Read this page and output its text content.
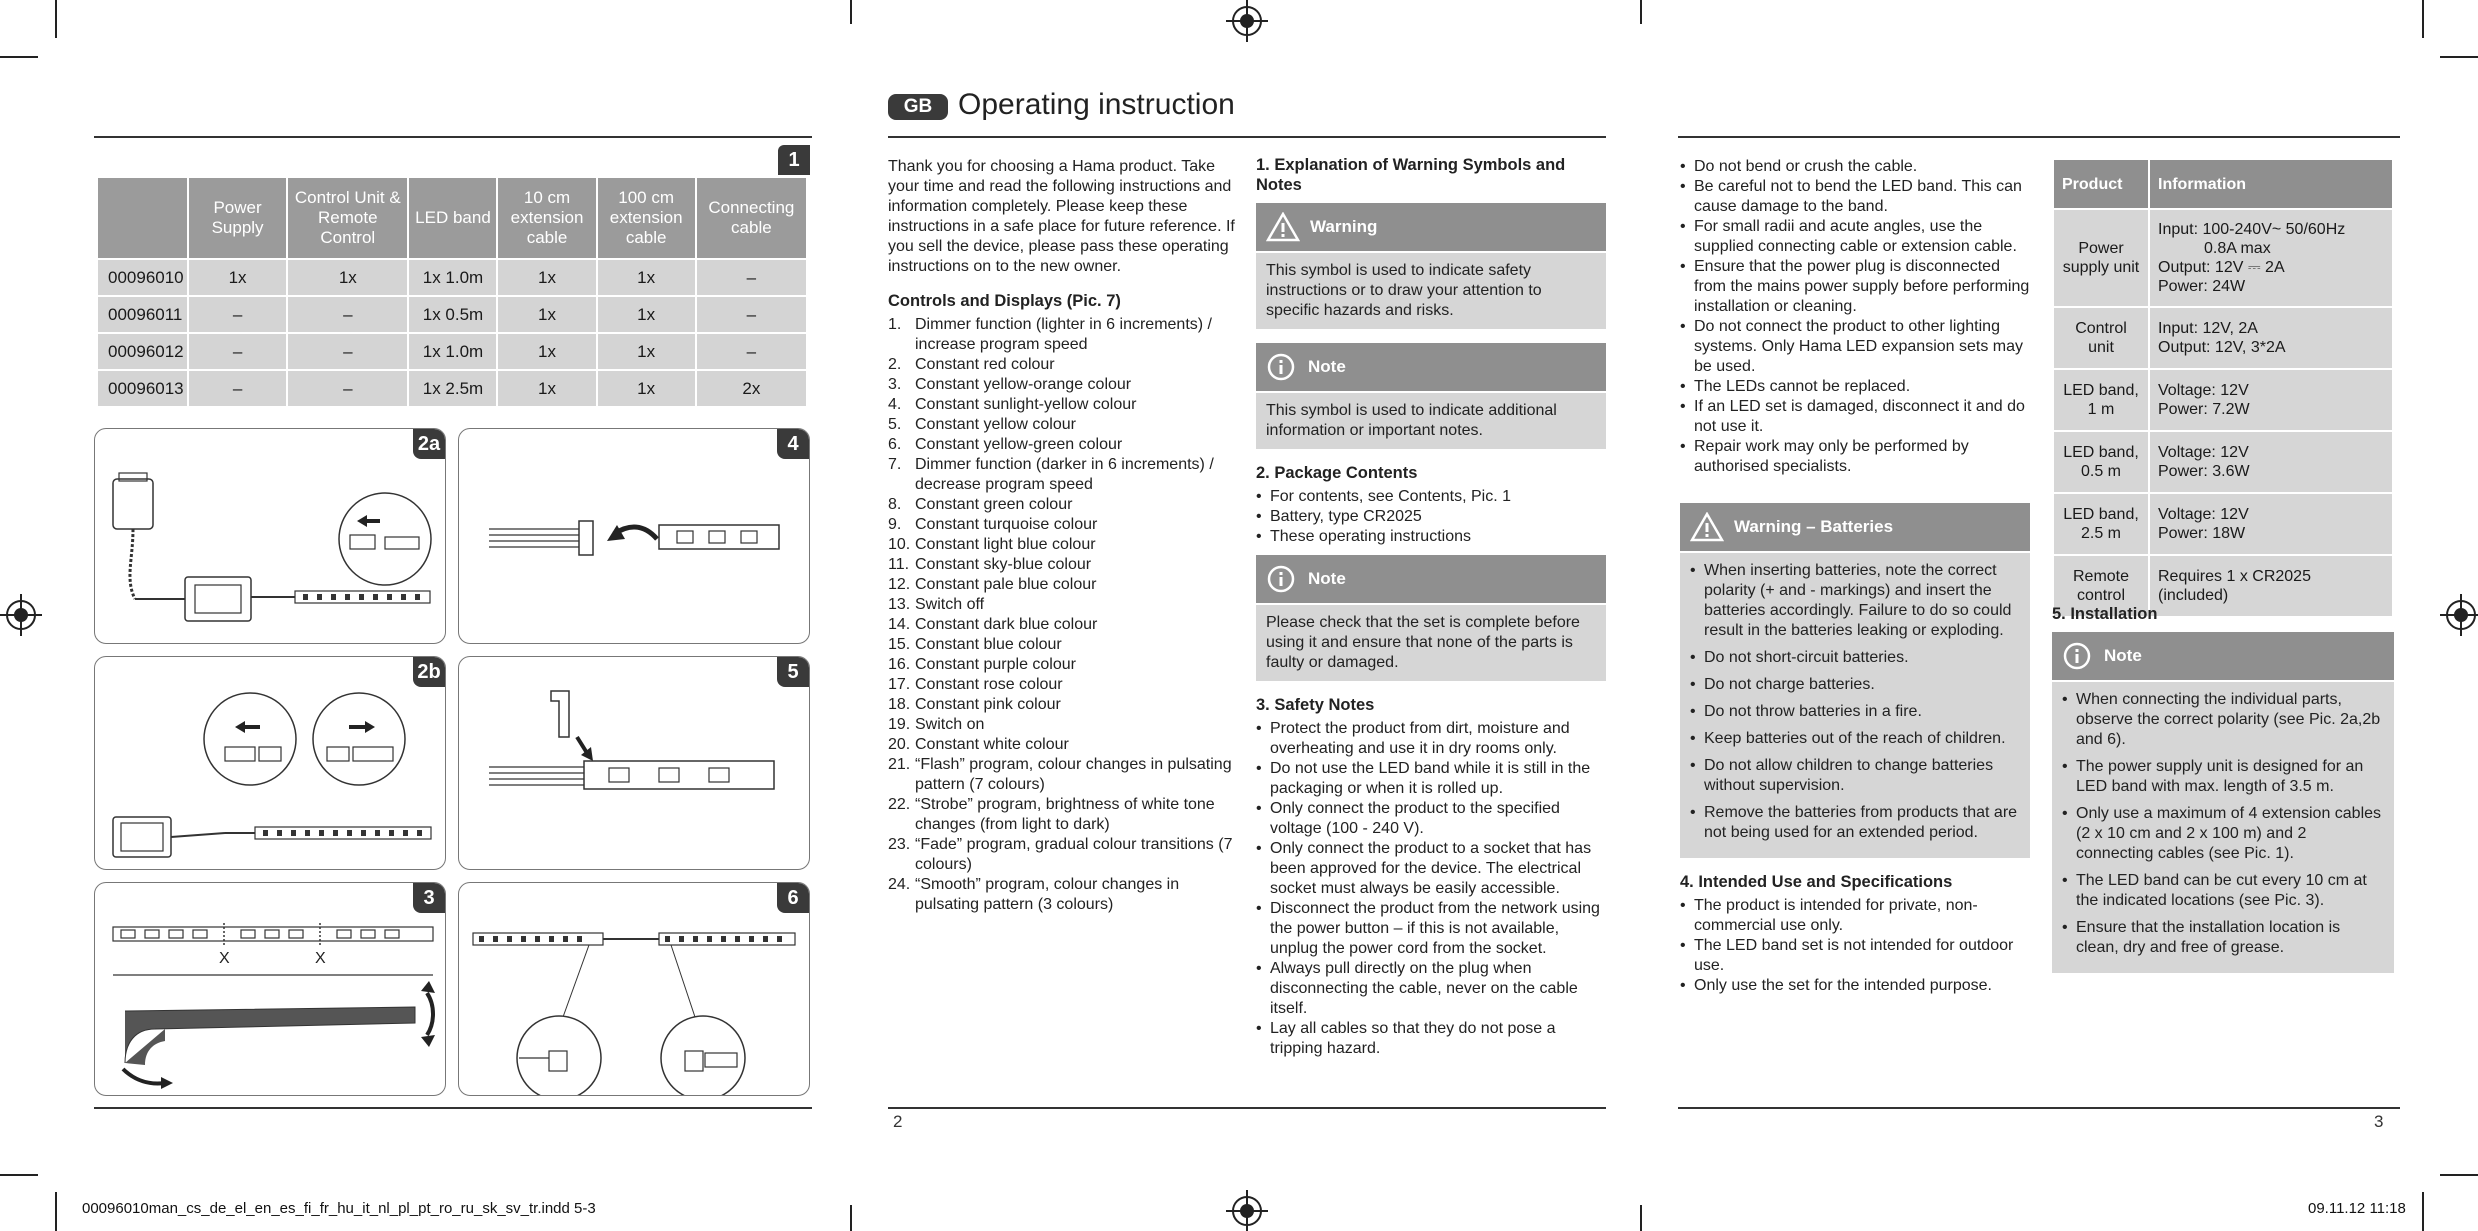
1
	Power Supply	Control Unit & Remote Control	LED band	10 cm extension cable	100 cm extension cable	Connecting cable
00096010	1x	1x	1x 1.0m	1x	1x	–
00096011	–	–	1x 0.5m	1x	1x	–
00096012	–	–	1x 1.0m	1x	1x	–
00096013	–	–	1x 2.5m	1x	1x	2x
2a	4
2b	5
3
X	X
6
2
GB Operating instruction

Thank you for choosing a Hama product. Take your time and read the following instructions and information completely. Please keep these instructions in a safe place for future reference. If you sell the device, please pass these operating instructions on to the new owner.

Controls and Displays (Pic. 7)
1. Dimmer function (lighter in 6 increments) / increase program speed
2. Constant red colour
3. Constant yellow-orange colour
4. Constant sunlight-yellow colour
5. Constant yellow colour
6. Constant yellow-green colour
7. Dimmer function (darker in 6 increments) / decrease program speed
8. Constant green colour
9. Constant turquoise colour
10. Constant light blue colour
11. Constant sky-blue colour
12. Constant pale blue colour
13. Switch off
14. Constant dark blue colour
15. Constant blue colour
16. Constant purple colour
17. Constant rose colour
18. Constant pink colour
19. Switch on
20. Constant white colour
21. “Flash” program, colour changes in pulsating pattern (7 colours)
22. “Strobe” program, brightness of white tone changes (from light to dark)
23. “Fade” program, gradual colour transitions (7 colours)
24. “Smooth” program, colour changes in pulsating pattern (3 colours)
1. Explanation of Warning Symbols and Notes
Warning
This symbol is used to indicate safety instructions or to draw your attention to specific hazards and risks.
Note
This symbol is used to indicate additional information or important notes.
2. Package Contents
• For contents, see Contents, Pic. 1
• Battery, type CR2025
• These operating instructions
Note
Please check that the set is complete before using it and ensure that none of the parts is faulty or damaged.
3. Safety Notes
• Protect the product from dirt, moisture and overheating and use it in dry rooms only.
• Do not use the LED band while it is still in the packaging or when it is rolled up.
• Only connect the product to the specified voltage (100 - 240 V).
• Only connect the product to a socket that has been approved for the device. The electrical socket must always be easily accessible.
• Disconnect the product from the network using the power button – if this is not available, unplug the power cord from the socket.
• Always pull directly on the plug when disconnecting the cable, never on the cable itself.
• Lay all cables so that they do not pose a tripping hazard.
• Do not bend or crush the cable.
• Be careful not to bend the LED band. This can cause damage to the band.
• For small radii and acute angles, use the supplied connecting cable or extension cable.
• Ensure that the power plug is disconnected from the mains power supply before performing installation or cleaning.
• Do not connect the product to other lighting systems. Only Hama LED expansion sets may be used.
• The LEDs cannot be replaced.
• If an LED set is damaged, disconnect it and do not use it.
• Repair work may only be performed by authorised specialists.
Warning – Batteries
• When inserting batteries, note the correct polarity (+ and - markings) and insert the batteries accordingly. Failure to do so could result in the batteries leaking or exploding.
• Do not short-circuit batteries.
• Do not charge batteries.
• Do not throw batteries in a fire.
• Keep batteries out of the reach of children.
• Do not allow children to change batteries without supervision.
• Remove the batteries from products that are not being used for an extended period.
4. Intended Use and Specifications
• The product is intended for private, non-commercial use only.
• The LED band set is not intended for outdoor use.
• Only use the set for the intended purpose.
Product	Information
Power supply unit	Input: 100-240V~ 50/60Hz
0.8A max
Output: 12V ⎓ 2A
Power: 24W

Control unit	Input: 12V, 2A
Output: 12V, 3*2A

LED band, 1 m	Voltage: 12V
Power: 7.2W

LED band, 0.5 m	Voltage: 12V
Power: 3.6W

LED band, 2.5 m	Voltage: 12V
Power: 18W

Remote control	Requires 1 x CR2025
(included)
5. Installation
Note
• When connecting the individual parts, observe the correct polarity (see Pic. 2a,2b and 6).
• The power supply unit is designed for an LED band with max. length of 3.5 m.
• Only use a maximum of 4 extension cables (2 x 10 cm and 2 x 100 m) and 2 connecting cables (see Pic. 1).
• The LED band can be cut every 10 cm at the indicated locations (see Pic. 3).
• Ensure that the installation location is clean, dry and free of grease.
3
00096010man_cs_de_el_en_es_fi_fr_hu_it_nl_pl_pt_ro_ru_sk_sv_tr.indd 5-3	09.11.12 11:18
